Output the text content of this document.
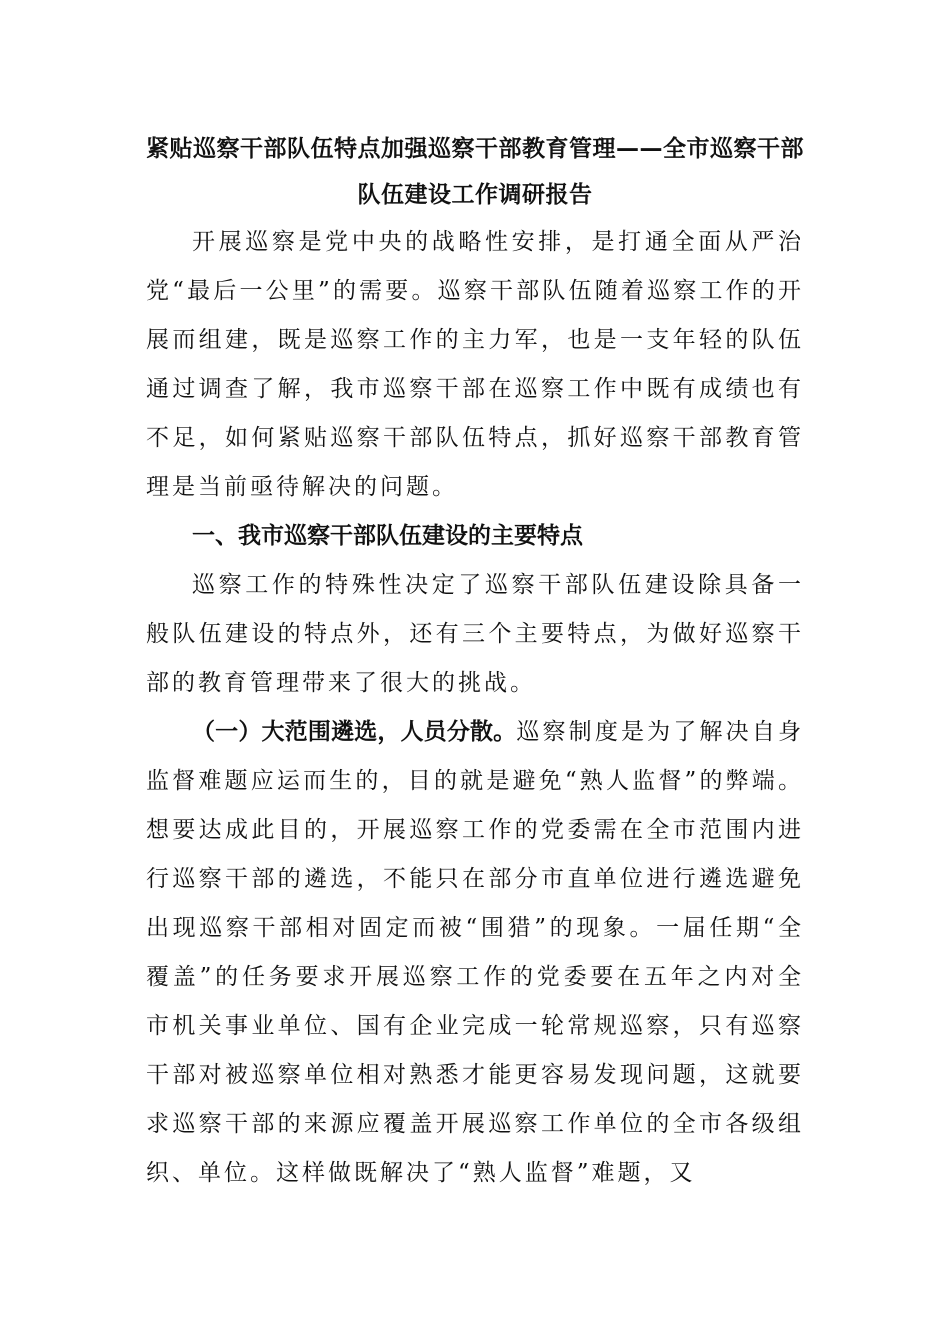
紧贴巡察干部队伍特点加强巡察干部教育管理——全市巡察干部队伍建设工作调研报告

开展巡察是党中央的战略性安排，是打通全面从严治党“最后一公里”的需要。巡察干部队伍随着巡察工作的开展而组建，既是巡察工作的主力军，也是一支年轻的队伍通过调查了解，我市巡察干部在巡察工作中既有成绩也有不足，如何紧贴巡察干部队伍特点，抓好巡察干部教育管理是当前亟待解决的问题。

一、我市巡察干部队伍建设的主要特点

巡察工作的特殊性决定了巡察干部队伍建设除具备一般队伍建设的特点外，还有三个主要特点，为做好巡察干部的教育管理带来了很大的挑战。

（一）大范围遴选，人员分散。巡察制度是为了解决自身监督难题应运而生的，目的就是避免“熟人监督”的弊端。想要达成此目的，开展巡察工作的党委需在全市范围内进行巡察干部的遴选，不能只在部分市直单位进行遴选避免出现巡察干部相对固定而被“围猎”的现象。一届任期“全覆盖”的任务要求开展巡察工作的党委要在五年之内对全市机关事业单位、国有企业完成一轮常规巡察，只有巡察干部对被巡察单位相对熟悉才能更容易发现问题，这就要求巡察干部的来源应覆盖开展巡察工作单位的全市各级组织、单位。这样做既解决了“熟人监督”难题，又
